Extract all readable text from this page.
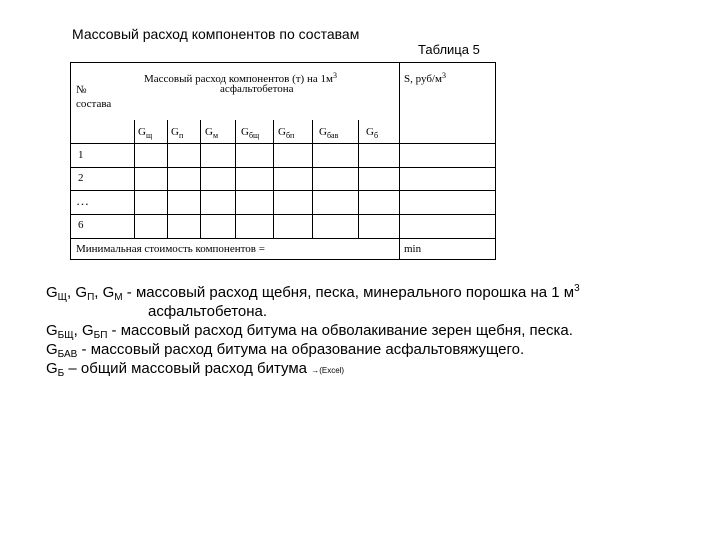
Массовый расход компонентов по составам
Таблица 5
№
состава
Массовый расход компонентов (т) на $1м^3$
асфальтобетона
S, руб/$м^3$
$G_щ$ $G_п$ $G_м$ $G_{бщ}$ $G_{бп}$ $G_{бав}$	$G_б$
1
2
…
6
Минимальная стоимость компонентов =	min
$G_Щ$, $G_П$, $G_М$ - массовый расход щебня, песка, минерального порошка на 1 $м^3$
асфальтобетона.
$G_{БЩ}$, $G_{БП}$ - массовый расход битума на обволакивание зерен щебня, песка.
$G_{БАВ}$ - массовый расход битума на образование асфальтовяжущего.
$G_Б$ – общий массовый расход битума →(Excel)
